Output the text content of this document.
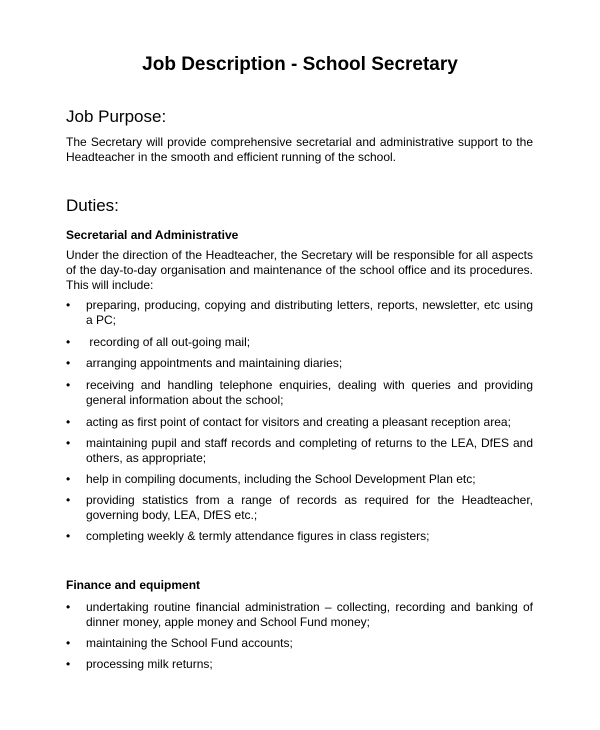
Job Description - School Secretary
Job Purpose:
The Secretary will provide comprehensive secretarial and administrative support to the Headteacher in the smooth and efficient running of the school.
Duties:
Secretarial and Administrative
Under the direction of the Headteacher, the Secretary will be responsible for all aspects of the day-to-day organisation and maintenance of the school office and its procedures. This will include:
•	preparing, producing, copying and distributing letters, reports, newsletter, etc using a PC;
•	recording of all out-going mail;
•	arranging appointments and maintaining diaries;
•	receiving and handling telephone enquiries, dealing with queries and providing general information about the school;
•	acting as first point of contact for visitors and creating a pleasant reception area;
•	maintaining pupil and staff records and completing of returns to the LEA, DfES and others, as appropriate;
•	help in compiling documents, including the School Development Plan etc;
•	providing statistics from a range of records as required for the Headteacher, governing body, LEA, DfES etc.;
•	completing weekly & termly attendance figures in class registers;
Finance and equipment
•	undertaking routine financial administration – collecting, recording and banking of dinner money, apple money and School Fund money;
•	maintaining the School Fund accounts;
•	processing milk returns;
